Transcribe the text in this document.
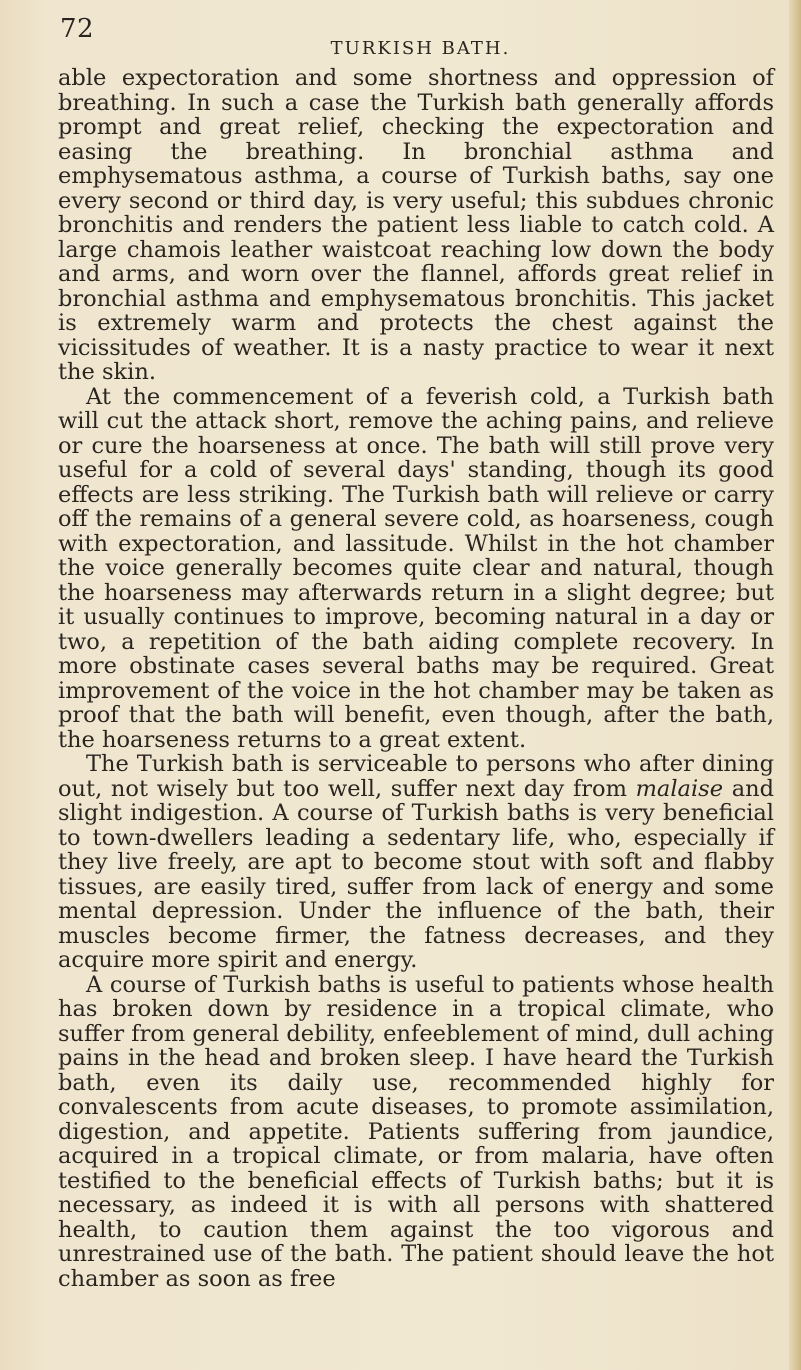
72
TURKISH BATH.

able expectoration and some shortness and oppression of breathing. In such a case the Turkish bath generally affords prompt and great relief, checking the expectoration and easing the breathing. In bronchial asthma and emphysematous asthma, a course of Turkish baths, say one every second or third day, is very useful; this subdues chronic bronchitis and renders the patient less liable to catch cold. A large chamois leather waistcoat reaching low down the body and arms, and worn over the flannel, affords great relief in bronchial asthma and emphysematous bronchitis. This jacket is extremely warm and protects the chest against the vicissitudes of weather. It is a nasty practice to wear it next the skin.

At the commencement of a feverish cold, a Turkish bath will cut the attack short, remove the aching pains, and relieve or cure the hoarseness at once. The bath will still prove very useful for a cold of several days' standing, though its good effects are less striking. The Turkish bath will relieve or carry off the remains of a general severe cold, as hoarseness, cough with expectoration, and lassitude. Whilst in the hot chamber the voice generally becomes quite clear and natural, though the hoarseness may afterwards return in a slight degree; but it usually continues to improve, becoming natural in a day or two, a repetition of the bath aiding complete recovery. In more obstinate cases several baths may be required. Great improvement of the voice in the hot chamber may be taken as proof that the bath will benefit, even though, after the bath, the hoarseness returns to a great extent.

The Turkish bath is serviceable to persons who after dining out, not wisely but too well, suffer next day from malaise and slight indigestion. A course of Turkish baths is very beneficial to town-dwellers leading a sedentary life, who, especially if they live freely, are apt to become stout with soft and flabby tissues, are easily tired, suffer from lack of energy and some mental depression. Under the influence of the bath, their muscles become firmer, the fatness decreases, and they acquire more spirit and energy.

A course of Turkish baths is useful to patients whose health has broken down by residence in a tropical climate, who suffer from general debility, enfeeblement of mind, dull aching pains in the head and broken sleep. I have heard the Turkish bath, even its daily use, recommended highly for convalescents from acute diseases, to promote assimilation, digestion, and appetite. Patients suffering from jaundice, acquired in a tropical climate, or from malaria, have often testified to the beneficial effects of Turkish baths; but it is necessary, as indeed it is with all persons with shattered health, to caution them against the too vigorous and unrestrained use of the bath. The patient should leave the hot chamber as soon as free
